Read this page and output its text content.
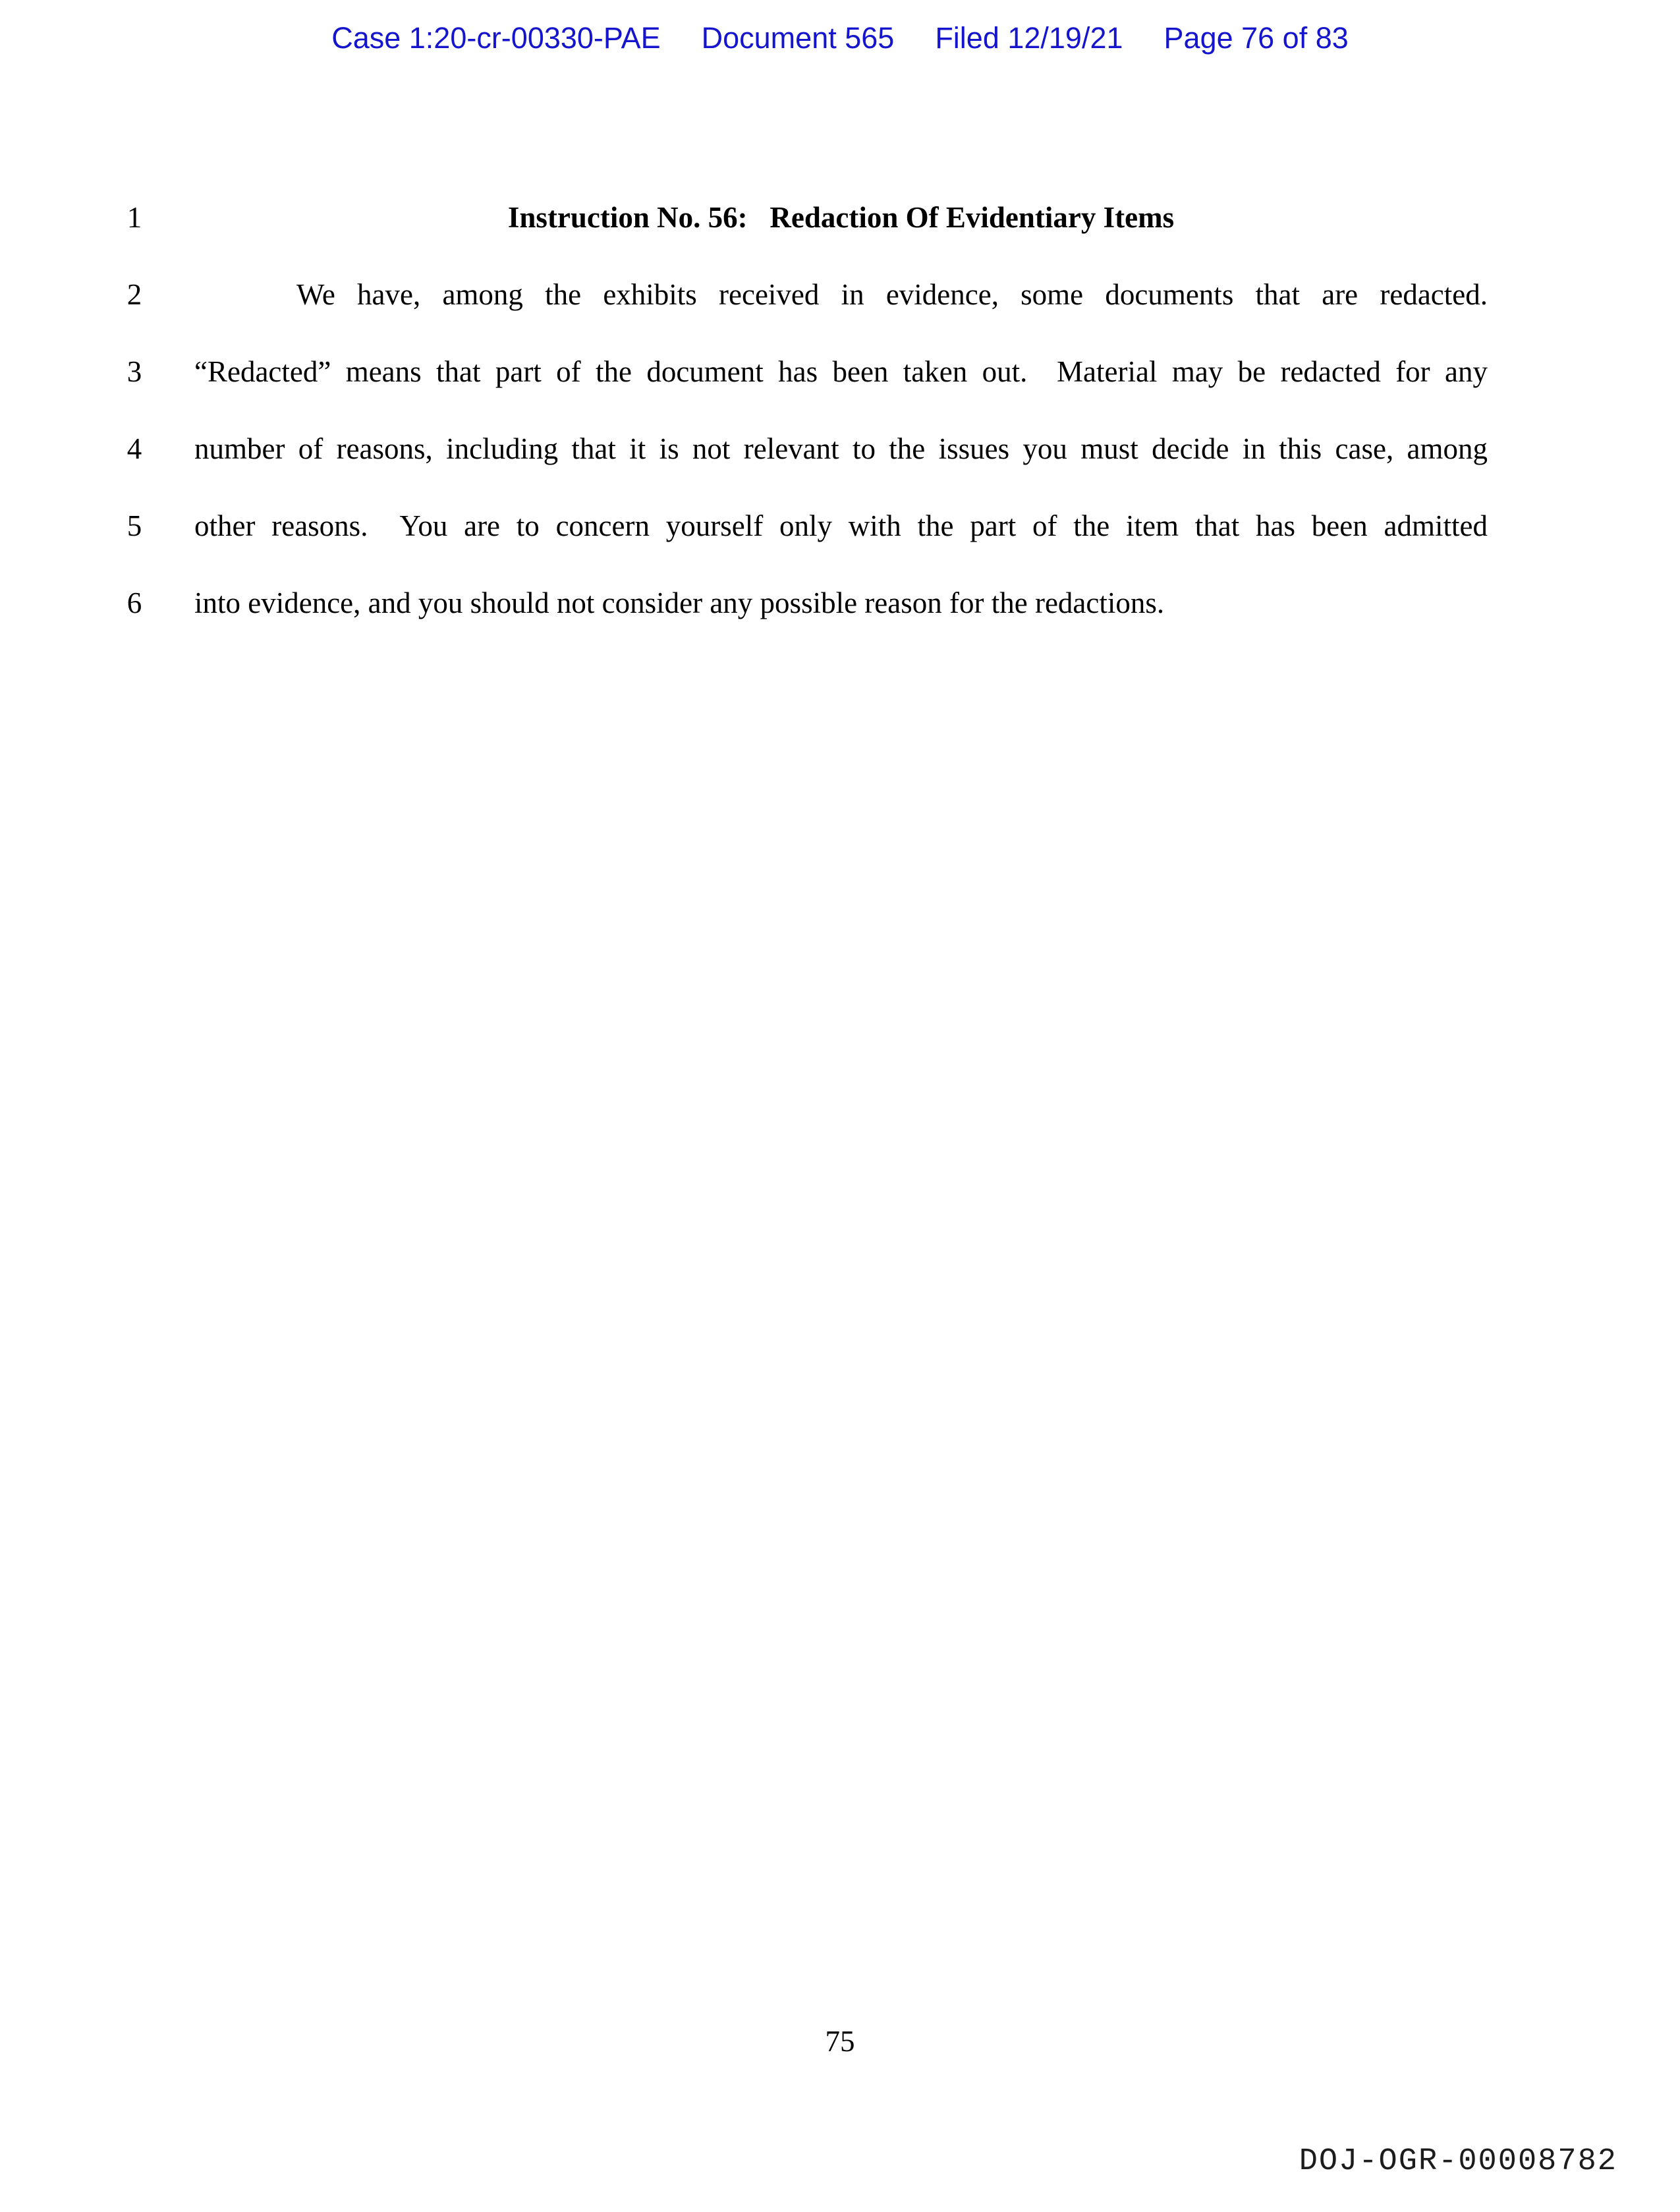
Case 1:20-cr-00330-PAE Document 565 Filed 12/19/21 Page 76 of 83
1
2
3
4
5
6
Instruction No. 56:   Redaction Of Evidentiary Items
We have, among the exhibits received in evidence, some documents that are redacted.
“Redacted” means that part of the document has been taken out.  Material may be redacted for any
number of reasons, including that it is not relevant to the issues you must decide in this case, among
other reasons.  You are to concern yourself only with the part of the item that has been admitted
into evidence, and you should not consider any possible reason for the redactions.
75
DOJ-OGR-00008782
